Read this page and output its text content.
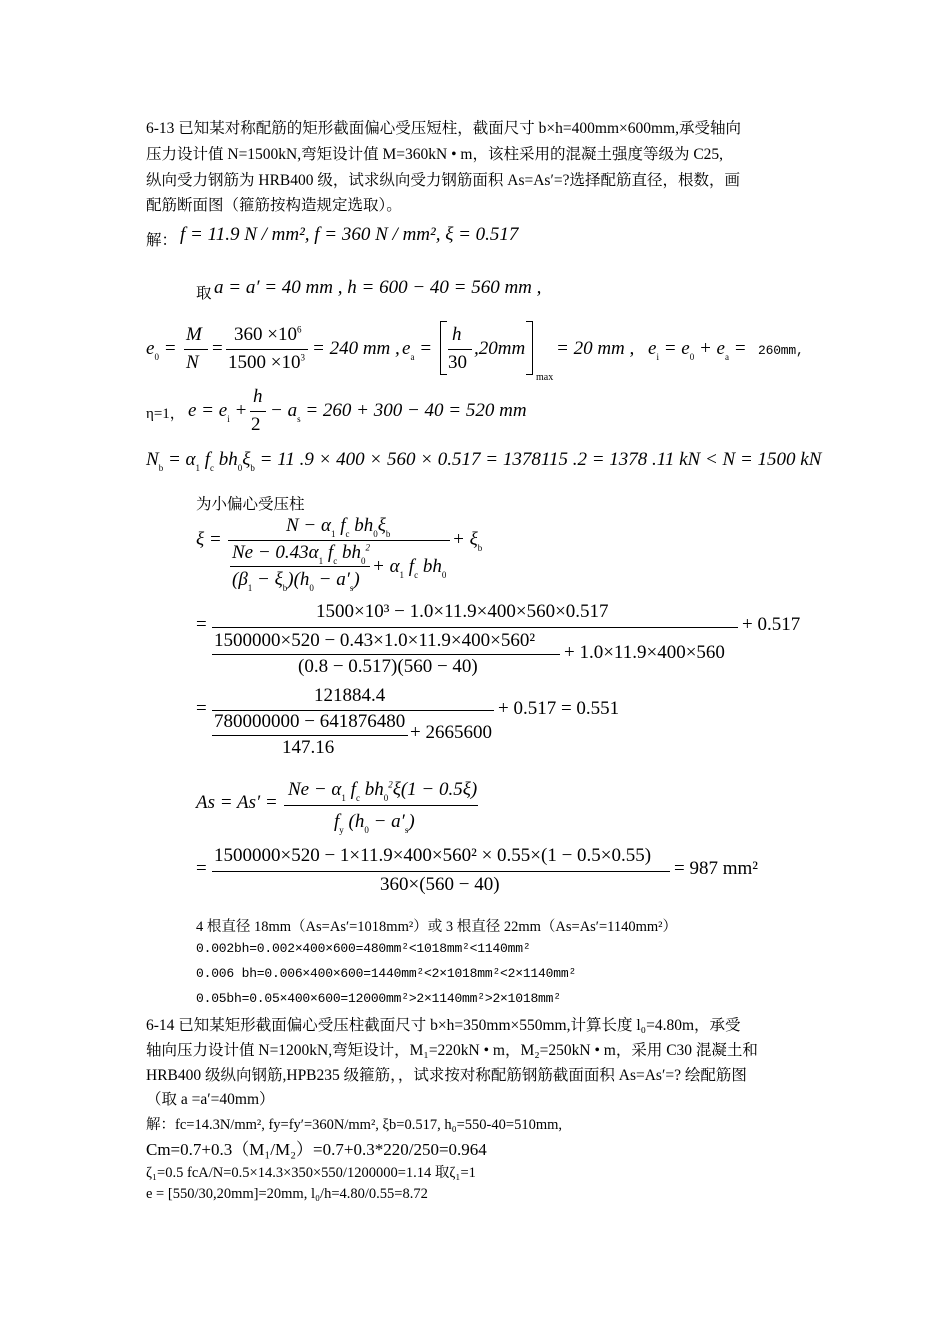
6-13 已知某对称配筋的矩形截面偏心受压短柱，截面尺寸 b×h=400mm×600mm,承受轴向
压力设计值 N=1500kN,弯矩设计值 M=360kN • m，该柱采用的混凝土强度等级为 C25,
纵向受力钢筋为 HRB400 级，试求纵向受力钢筋面积 As=As′=?选择配筋直径，根数，画
配筋断面图（箍筋按构造规定选取）。
解： f = 11.9 N / mm², f = 360 N / mm², ξ = 0.517
取 a = a′ = 40 mm , h = 600 − 40 = 560 mm ,
$e_0$ =
M
N
=
$360 \times 10^6$
$1500 \times 10^3 = 240$ mm , $e_a$ =
h
30
,20mm
max
= 20 mm , $e_i = e_0 + e_a = 260mm$,
η=1， $e = e_i$ +
h
2
− $a_s = 260 + 300 - 40 = 520$ mm
$N_b = \alpha_1$ $f_c$ $bh_0\xi_b = 11$ .9 × 400 × 560 × 0.517 = 1378115 .2 = 1378 .11 kN < N = 1500 kN
为小偏心受压柱
ξ =
$N - \alpha_1$ $f_c$ $bh_0\xi_b$
$Ne - 0.43\alpha_1$ $f_c$ $bh_0^2$
$(\beta_1 - \xi_b)(h_0 - a'_s)$
+ $\alpha_1$ $f_c$ $bh_0$
+ $\xi_b$
=
1500×10³ − 1.0×11.9×400×560×0.517
1500000×520 − 0.43×1.0×11.9×400×560²
(0.8 − 0.517)(560 − 40)
+ 1.0×11.9×400×560
+ 0.517
=
121884.4
780000000 − 641876480
147.16
+ 2665600
+ 0.517 = 0.551
As = As′ =
$Ne - \alpha_1$ $f_c$ $bh_0^2\xi(1 - 0.5\xi)$
$f_y$ $(h_0 - a'_s)$
=
1500000×520 − 1×11.9×400×560² × 0.55×(1 − 0.5×0.55)
360×(560 − 40)
= 987 mm²
4 根直径 18mm（As=As′=1018mm²）或 3 根直径 22mm（As=As′=1140mm²）
0.002bh=0.002×400×600=480mm²<1018mm²<1140mm²
0.006 bh=0.006×400×600=1440mm²<2×1018mm²<2×1140mm²
0.05bh=0.05×400×600=12000mm²>2×1140mm²>2×1018mm²
6-14 已知某矩形截面偏心受压柱截面尺寸 b×h=350mm×550mm,计算长度 l₀=4.80m，承受
轴向压力设计值 N=1200kN,弯矩设计，M₁=220kN • m，M₂=250kN • m，采用 C30 混凝土和
HRB400 级纵向钢筋,HPB235 级箍筋，，试求按对称配筋钢筋截面面积 As=As′=? 绘配筋图
（取 a =a′=40mm）
解：fc=14.3N/mm², fy=fy′=360N/mm², ξb=0.517, h₀=550-40=510mm,
Cm=0.7+0.3（M₁/M₂）=0.7+0.3*220/250=0.964
ζ₁=0.5 fcA/N=0.5×14.3×350×550/1200000=1.14 取ζ₁=1
e = [550/30,20mm]=20mm, l₀/h=4.80/0.55=8.72
